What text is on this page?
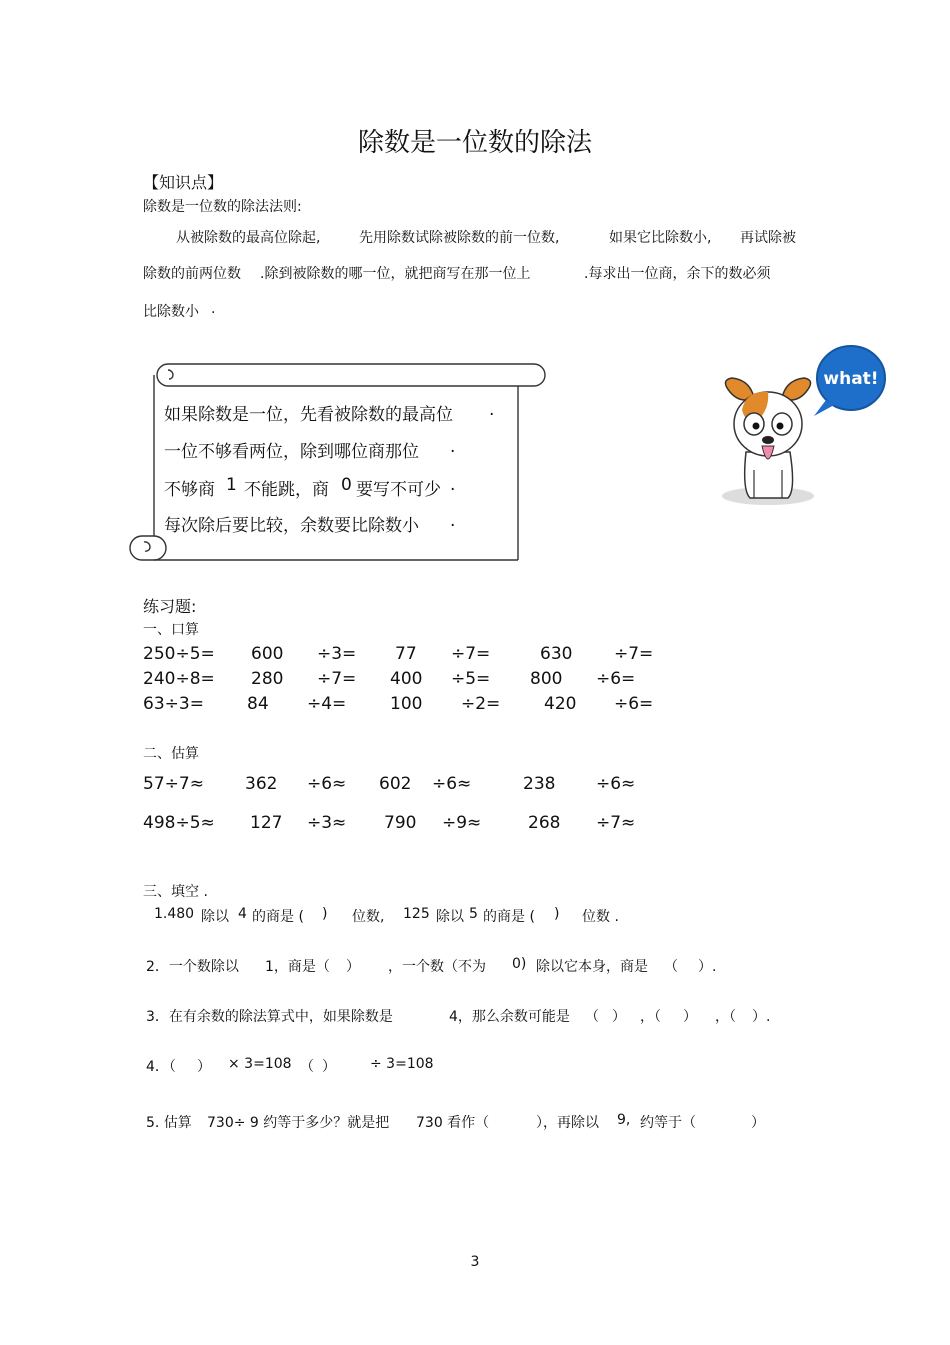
除数是一位数的除法
【知识点】
除数是一位数的除法法则:
从被除数的最高位除起,	先用除数试除被除数的前一位数,	如果它比除数小, 再试除被
除数的前两位数 .除到被除数的哪一位，就把商写在那一位上	.每求出一位商，余下的数必须
比除数小 .
如果除数是一位，先看被除数的最高位 .
一位不够看两位，除到哪位商那位 .
不够商 1 不能跳，商 0 要写不可少 .
每次除后要比较，余数要比除数小 .
what!
练习题:
一、口算
250÷5= 600 ÷3= 77 ÷7=	630 ÷7=
240÷8= 280 ÷7= 400 ÷5= 800 ÷6=
63÷3=	84 ÷4=	100 ÷2=	420 ÷6=
二、估算
57÷7≈ 362 ÷6≈ 602 ÷6≈	238 ÷6≈
498÷5≈ 127 ÷3≈ 790 ÷9≈	268 ÷7≈
三、填空 .
1.480 除以 4 的商是 ( ) 位数, 125 除以 5 的商是 ( ) 位数 .
2．一个数除以 1，商是（ ） ，一个数（不为 0) 除以它本身，商是 （ ）.
3．在有余数的除法算式中，如果除数是	4，那么余数可能是 （ ） ，（ ） ，（ ）.
4．（ ） × 3=108 （ ） ÷ 3=108
5. 估算 730÷ 9 约等于多少？就是把 730 看作（	），再除以 9, 约等于（	）
3
